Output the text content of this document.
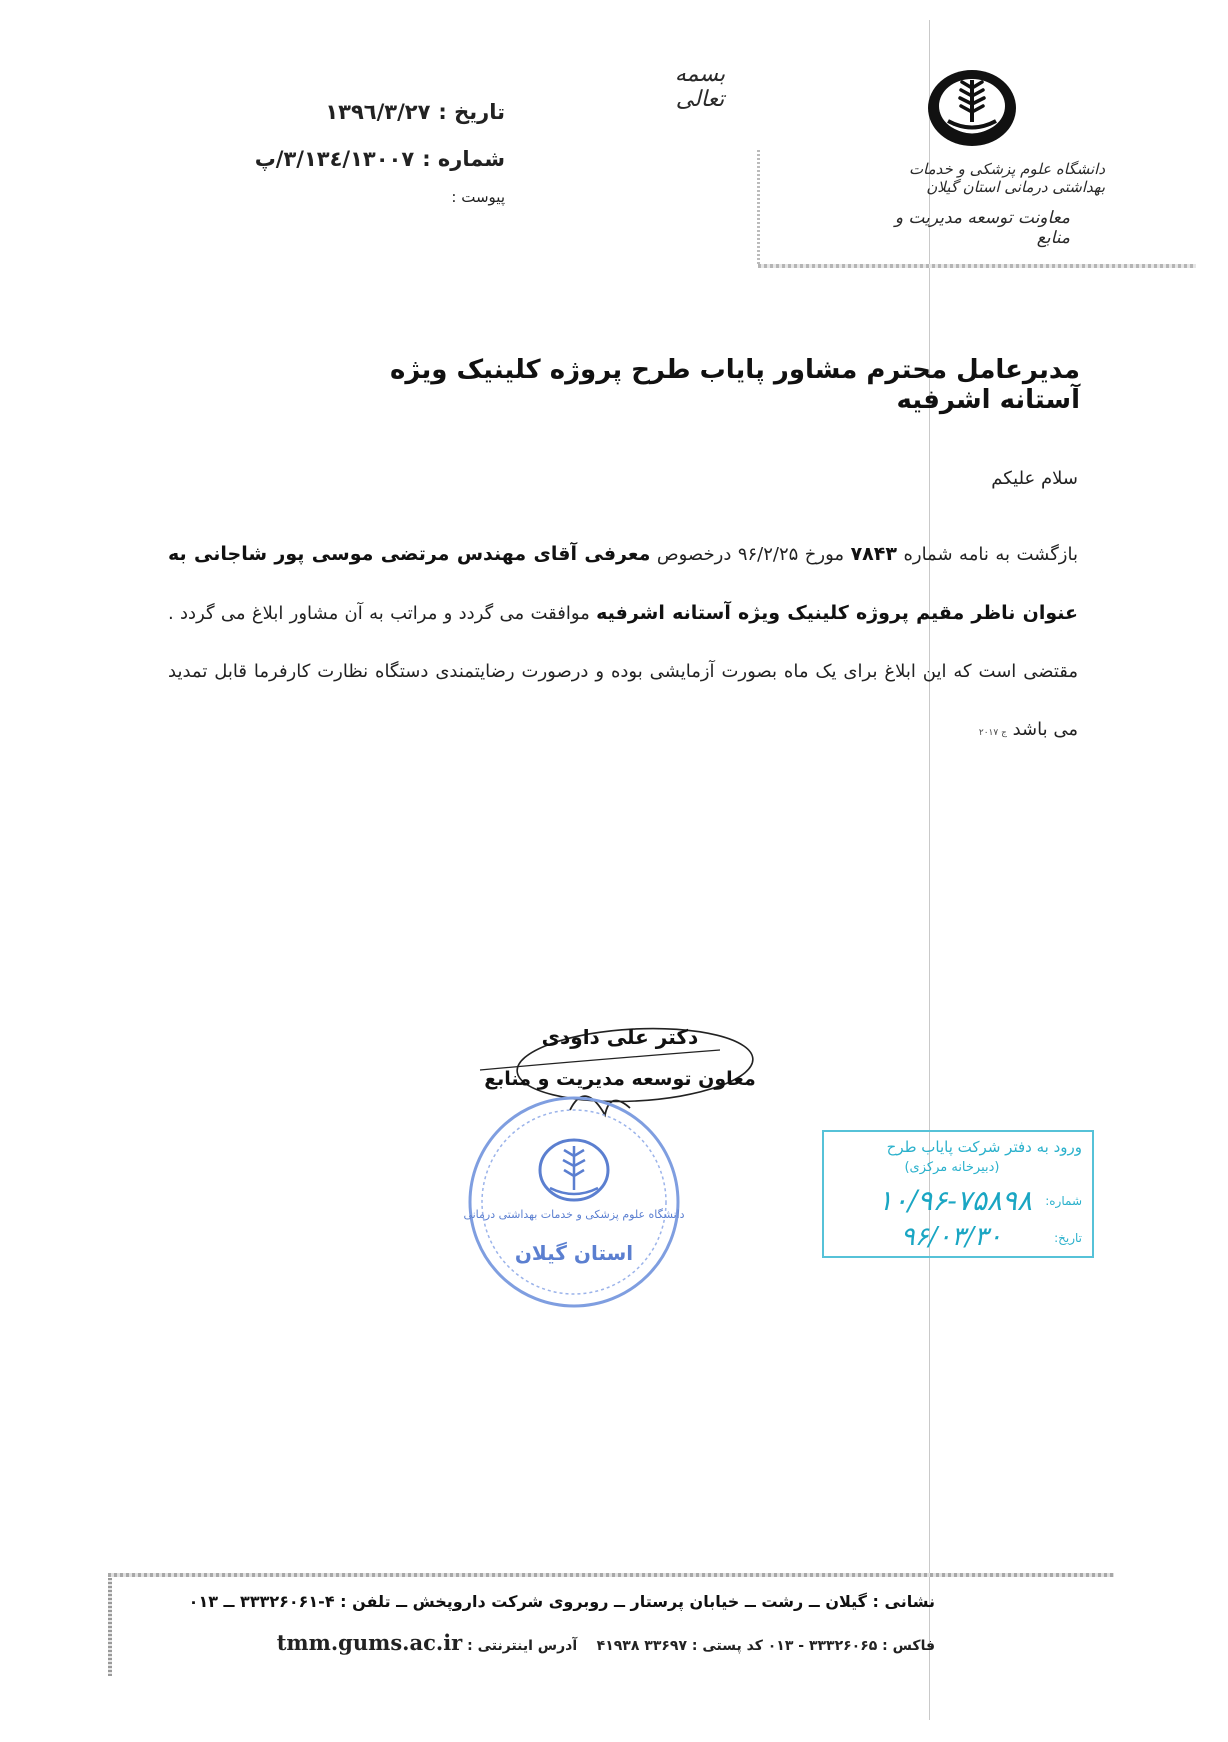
بسمه تعالی
دانشگاه علوم پزشکی و خدمات بهداشتی درمانی استان گیلان
معاونت توسعه مدیریت و منابع
تاریخ :۱۳۹٦/۳/۲۷
شماره :۳/۱۳٤/۱۳۰۰۷/پ
پیوست :
مدیرعامل محترم مشاور پایاب طرح پروژه کلینیک ویژه آستانه اشرفیه
سلام علیکم
بازگشت به نامه شماره ۷۸۴۳ مورخ ۹۶/۲/۲۵ درخصوص معرفی آقای مهندس مرتضی موسی پور شاجانی به عنوان ناظر مقیم پروژه کلینیک ویژه آستانه اشرفیه موافقت می گردد و مراتب به آن مشاور ابلاغ می گردد . مقتضی است که این ابلاغ برای یک ماه بصورت آزمایشی بوده و درصورت رضایتمندی دستگاه نظارت کارفرما قابل تمدید می باشد ج ۲۰۱۷
دکتر علی داودی
معاون توسعه مدیریت و منابع
دانشگاه علوم پزشکی و خدمات بهداشتی درمانی
استان گیلان
ورود به دفتر شرکت پایاب طرح
(دبیرخانه مرکزی)
شماره:
۱۰/۹۶-۷۵۸۹۸
تاریخ:
۹۶/۰۳/۳۰
نشانی : گیلان ــ رشت ــ خیابان پرستار ــ روبروی شرکت داروپخش ــ تلفن : ۴-۳۳۳۲۶۰۶۱ ــ ۰۱۳
فاکس : ۳۳۳۲۶۰۶۵ - ۰۱۳ کد پستی : ۳۳۶۹۷ ۴۱۹۳۸    آدرس اینترنتی : tmm.gums.ac.ir
